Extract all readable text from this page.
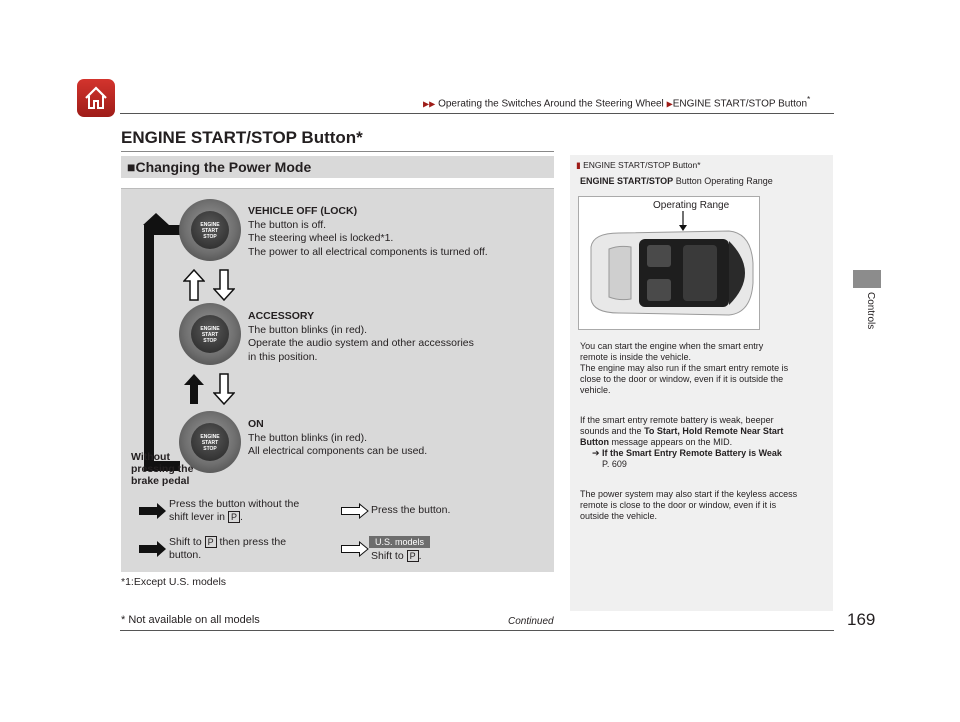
▶▶ Operating the Switches Around the Steering Wheel ▶ENGINE START/STOP Button*
ENGINE START/STOP Button*
■Changing the Power Mode
ENGINE
START
STOP
ENGINE
START
STOP
ENGINE
START
STOP
VEHICLE OFF (LOCK)
The button is off.
The steering wheel is locked*1.
The power to all electrical components is turned off.
ACCESSORY
The button blinks (in red).
Operate the audio system and other accessories
in this position.
ON
The button blinks (in red).
All electrical components can be used.
Without
pressing the
brake pedal
Press the button without the
shift lever in P .
Press the button.
Shift to P then press the
button.
U.S. models
Shift to P .
*1:Except U.S. models
Continued	169
* Not available on all models
Controls
▮ ENGINE START/STOP Button*
ENGINE START/STOP Button Operating Range
Operating Range
You can start the engine when the smart entry
remote is inside the vehicle.
The engine may also run if the smart entry remote is
close to the door or window, even if it is outside the
vehicle.
If the smart entry remote battery is weak, beeper
sounds and the To Start, Hold Remote Near Start
Button message appears on the MID.
➔ If the Smart Entry Remote Battery is Weak
P. 609
The power system may also start if the keyless access
remote is close to the door or window, even if it is
outside the vehicle.
